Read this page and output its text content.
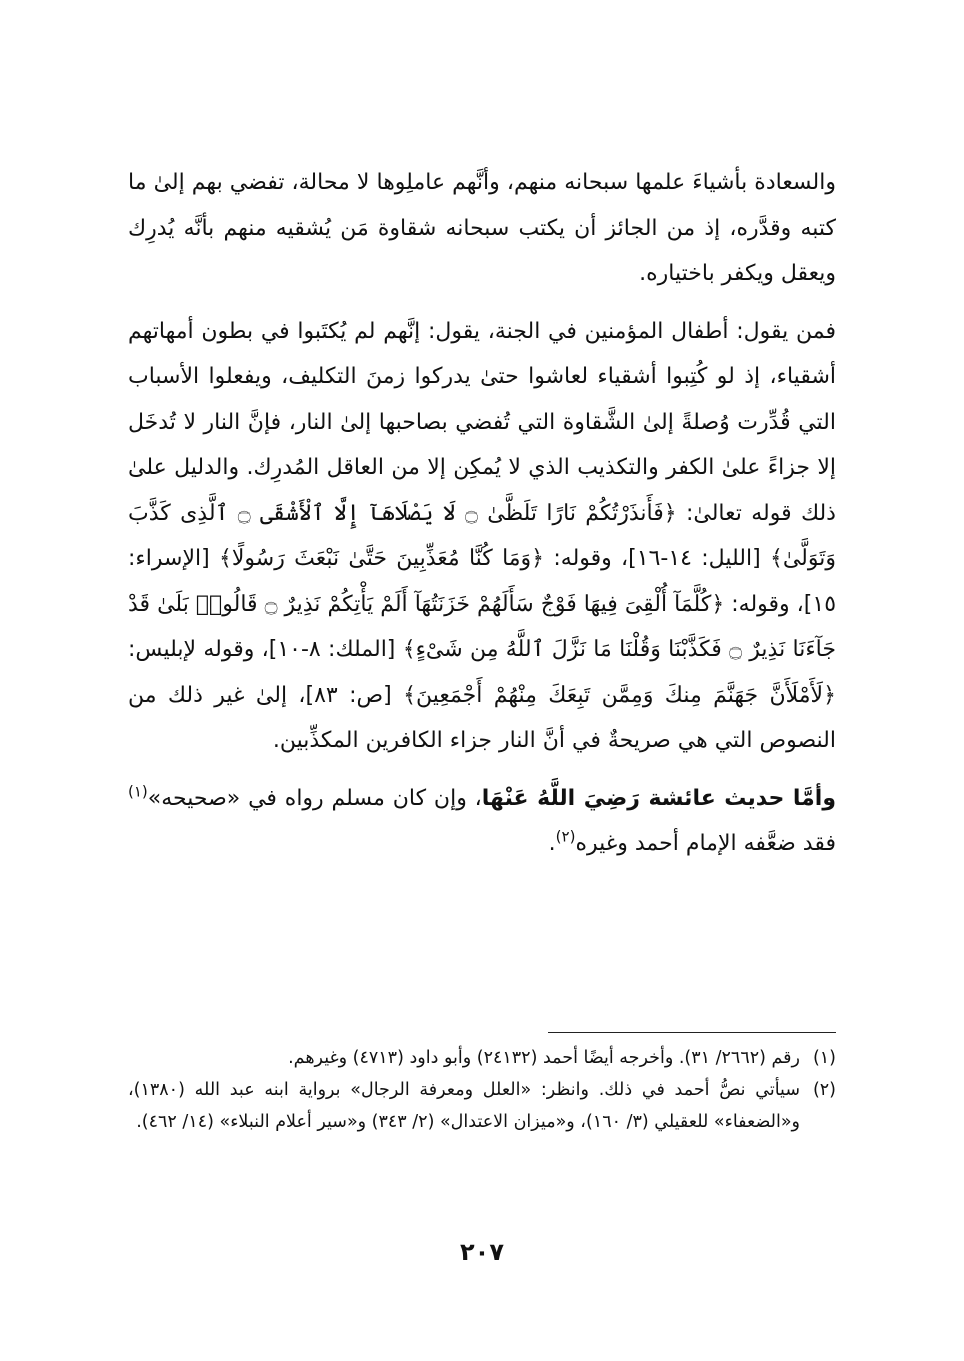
والسعادة بأشياءَ علمها سبحانه منهم، وأنَّهم عاملِوها لا محالة، تفضي بهم إلىٰ ما كتبه وقدَّره، إذ من الجائز أن يكتب سبحانه شقاوة مَن يُشقيه منهم بأنَّه يُدرِك ويعقل ويكفر باختياره.

فمن يقول: أطفال المؤمنين في الجنة، يقول: إنَّهم لم يُكتَبوا في بطون أمهاتهم أشقياء، إذ لو كُتِبوا أشقياء لعاشوا حتىٰ يدركوا زمنَ التكليف، ويفعلوا الأسباب التي قُدِّرت وُصلةً إلىٰ الشَّقاوة التي تُفضي بصاحبها إلىٰ النار، فإنَّ النار لا تُدخَل إلا جزاءً علىٰ الكفر والتكذيب الذي لا يُمكِن إلا من العاقل المُدرِك. والدليل علىٰ ذلك قوله تعالىٰ: ﴿فَأَنذَرْتُكُمْ نَارًا تَلَظَّىٰ ۝ لَا يَصْلَاهَآ إِلَّا ٱلْأَشْقَى ۝ ٱلَّذِى كَذَّبَ وَتَوَلَّىٰ﴾ [الليل: ١٤-١٦]، وقوله: ﴿وَمَا كُنَّا مُعَذِّبِينَ حَتَّىٰ نَبْعَثَ رَسُولًا﴾ [الإسراء: ١٥]، وقوله: ﴿كُلَّمَآ أُلْقِىَ فِيهَا فَوْجٌ سَأَلَهُمْ خَزَنَتُهَآ أَلَمْ يَأْتِكُمْ نَذِيرٌ ۝ قَالُوا۟ بَلَىٰ قَدْ جَآءَنَا نَذِيرٌ ۝ فَكَذَّبْنَا وَقُلْنَا مَا نَزَّلَ ٱللَّهُ مِن شَىْءٍ﴾ [الملك: ٨-١٠]، وقوله لإبليس: ﴿لَأَمْلَأَنَّ جَهَنَّمَ مِنكَ وَمِمَّن تَبِعَكَ مِنْهُمْ أَجْمَعِينَ﴾ [ص: ٨٣]، إلىٰ غير ذلك من النصوص التي هي صريحةٌ في أنَّ النار جزاء الكافرين المكذِّبين.

وأمَّا حديث عائشة رَضِيَ اللَّهُ عَنْهَا، وإن كان مسلم رواه في «صحيحه»$^{(١)}$ فقد ضعَّفه الإمام أحمد وغيره$^{(٢)}$.

(١)
رقم (٢٦٦٢/ ٣١). وأخرجه أيضًا أحمد (٢٤١٣٢) وأبو داود (٤٧١٣) وغيرهم.

(٢)
سيأتي نصُّ أحمد في ذلك. وانظر: «العلل ومعرفة الرجال» برواية ابنه عبد الله (١٣٨٠)، و«الضعفاء» للعقيلي (٣/ ١٦٠)، و«ميزان الاعتدال» (٢/ ٣٤٣) و«سير أعلام النبلاء» (١٤/ ٤٦٢).

٢٠٧
